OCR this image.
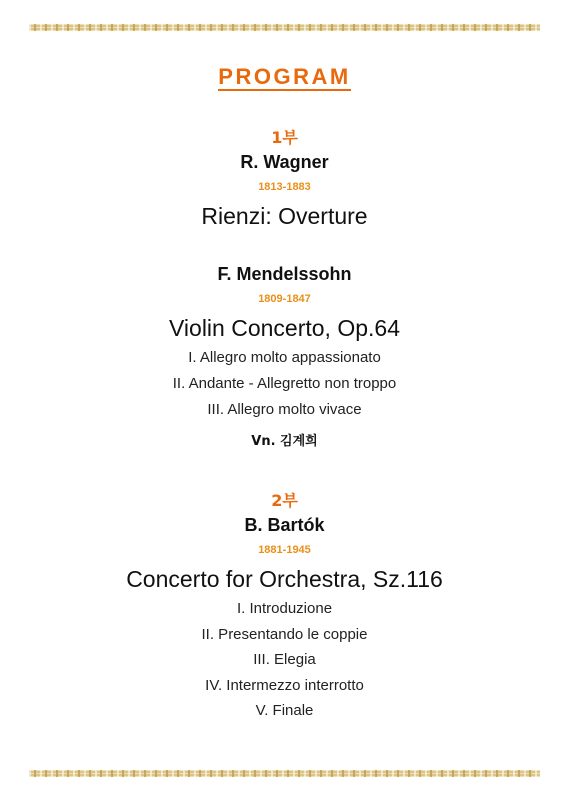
PROGRAM
1부
R. Wagner
1813-1883
Rienzi: Overture
F. Mendelssohn
1809-1847
Violin Concerto, Op.64
I. Allegro molto appassionato
II. Andante - Allegretto non troppo
III. Allegro molto vivace
Vn. 김계희
2부
B. Bartók
1881-1945
Concerto for Orchestra, Sz.116
I. Introduzione
II. Presentando le coppie
III. Elegia
IV. Intermezzo interrotto
V. Finale
